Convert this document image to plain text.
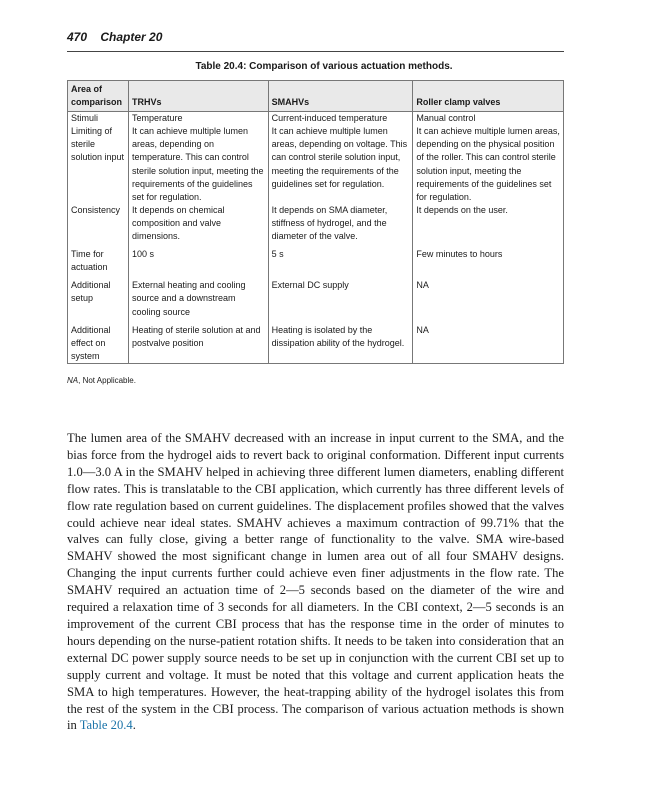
470 Chapter 20
Table 20.4: Comparison of various actuation methods.
Area of comparison	TRHVs	SMAHVs	Roller clamp valves
Stimuli	Temperature	Current-induced temperature	Manual control
Limiting of sterile solution input	It can achieve multiple lumen areas, depending on temperature. This can control sterile solution input, meeting the requirements of the guidelines set for regulation.	It can achieve multiple lumen areas, depending on voltage. This can control sterile solution input, meeting the requirements of the guidelines set for regulation.	It can achieve multiple lumen areas, depending on the physical position of the roller. This can control sterile solution input, meeting the requirements of the guidelines set for regulation.
Consistency	It depends on chemical composition and valve dimensions.	It depends on SMA diameter, stiffness of hydrogel, and the diameter of the valve.	It depends on the user.
Time for actuation	100 s	5 s	Few minutes to hours
Additional setup	External heating and cooling source and a downstream cooling source	External DC supply	NA
Additional effect on system	Heating of sterile solution at and postvalve position	Heating is isolated by the dissipation ability of the hydrogel.	NA
NA, Not Applicable.
The lumen area of the SMAHV decreased with an increase in input current to the SMA, and the bias force from the hydrogel aids to revert back to original conformation. Different input currents 1.0—3.0 A in the SMAHV helped in achieving three different lumen diameters, enabling different flow rates. This is translatable to the CBI application, which currently has three different levels of flow rate regulation based on current guidelines. The displacement profiles showed that the valves could achieve near ideal states. SMAHV achieves a maximum contraction of 99.71% that the valves can fully close, giving a better range of functionality to the valve. SMA wire-based SMAHV showed the most significant change in lumen area out of all four SMAHV designs. Changing the input currents further could achieve even finer adjustments in the flow rate. The SMAHV required an actuation time of 2—5 seconds based on the diameter of the wire and required a relaxation time of 3 seconds for all diameters. In the CBI context, 2—5 seconds is an improvement of the current CBI process that has the response time in the order of minutes to hours depending on the nurse-patient rotation shifts. It needs to be taken into consideration that an external DC power supply source needs to be set up in conjunction with the current CBI set up to supply current and voltage. It must be noted that this voltage and current application heats the SMA to high temperatures. However, the heat-trapping ability of the hydrogel isolates this from the rest of the system in the CBI process. The comparison of various actuation methods is shown in Table 20.4.
